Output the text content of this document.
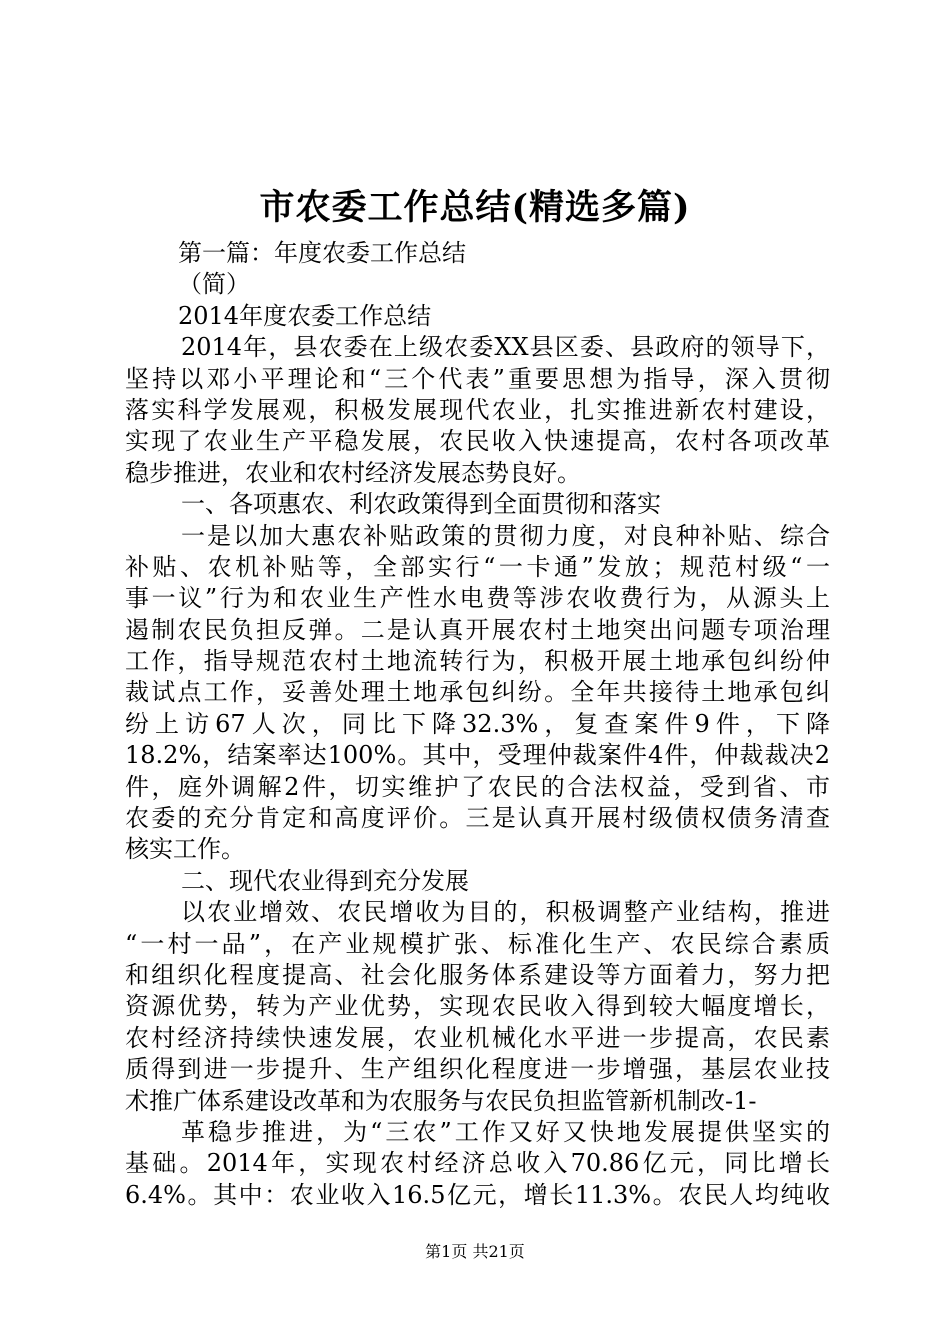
市农委工作总结(精选多篇)
第一篇：年度农委工作总结
（简）
2014年度农委工作总结
2014年，县农委在上级农委XX县区委、县政府的领导下，
坚持以邓小平理论和“三个代表”重要思想为指导，深入贯彻
落实科学发展观，积极发展现代农业，扎实推进新农村建设，
实现了农业生产平稳发展，农民收入快速提高，农村各项改革
稳步推进，农业和农村经济发展态势良好。
一、各项惠农、利农政策得到全面贯彻和落实
一是以加大惠农补贴政策的贯彻力度，对良种补贴、综合
补贴、农机补贴等，全部实行“一卡通”发放；规范村级“一
事一议”行为和农业生产性水电费等涉农收费行为，从源头上
遏制农民负担反弹。二是认真开展农村土地突出问题专项治理
工作，指导规范农村土地流转行为，积极开展土地承包纠纷仲
裁试点工作，妥善处理土地承包纠纷。全年共接待土地承包纠
纷上访67人次，同比下降32.3%，复查案件9件，下降
18.2%，结案率达100%。其中，受理仲裁案件4件，仲裁裁决2
件，庭外调解2件，切实维护了农民的合法权益，受到省、市
农委的充分肯定和高度评价。三是认真开展村级债权债务清查
核实工作。
二、现代农业得到充分发展
以农业增效、农民增收为目的，积极调整产业结构，推进
“一村一品”，在产业规模扩张、标准化生产、农民综合素质
和组织化程度提高、社会化服务体系建设等方面着力，努力把
资源优势，转为产业优势，实现农民收入得到较大幅度增长，
农村经济持续快速发展，农业机械化水平进一步提高，农民素
质得到进一步提升、生产组织化程度进一步增强，基层农业技
术推广体系建设改革和为农服务与农民负担监管新机制改-1-
革稳步推进，为“三农”工作又好又快地发展提供坚实的
基础。2014年，实现农村经济总收入70.86亿元，同比增长
6.4%。其中：农业收入16.5亿元，增长11.3%。农民人均纯收
第1页 共21页
